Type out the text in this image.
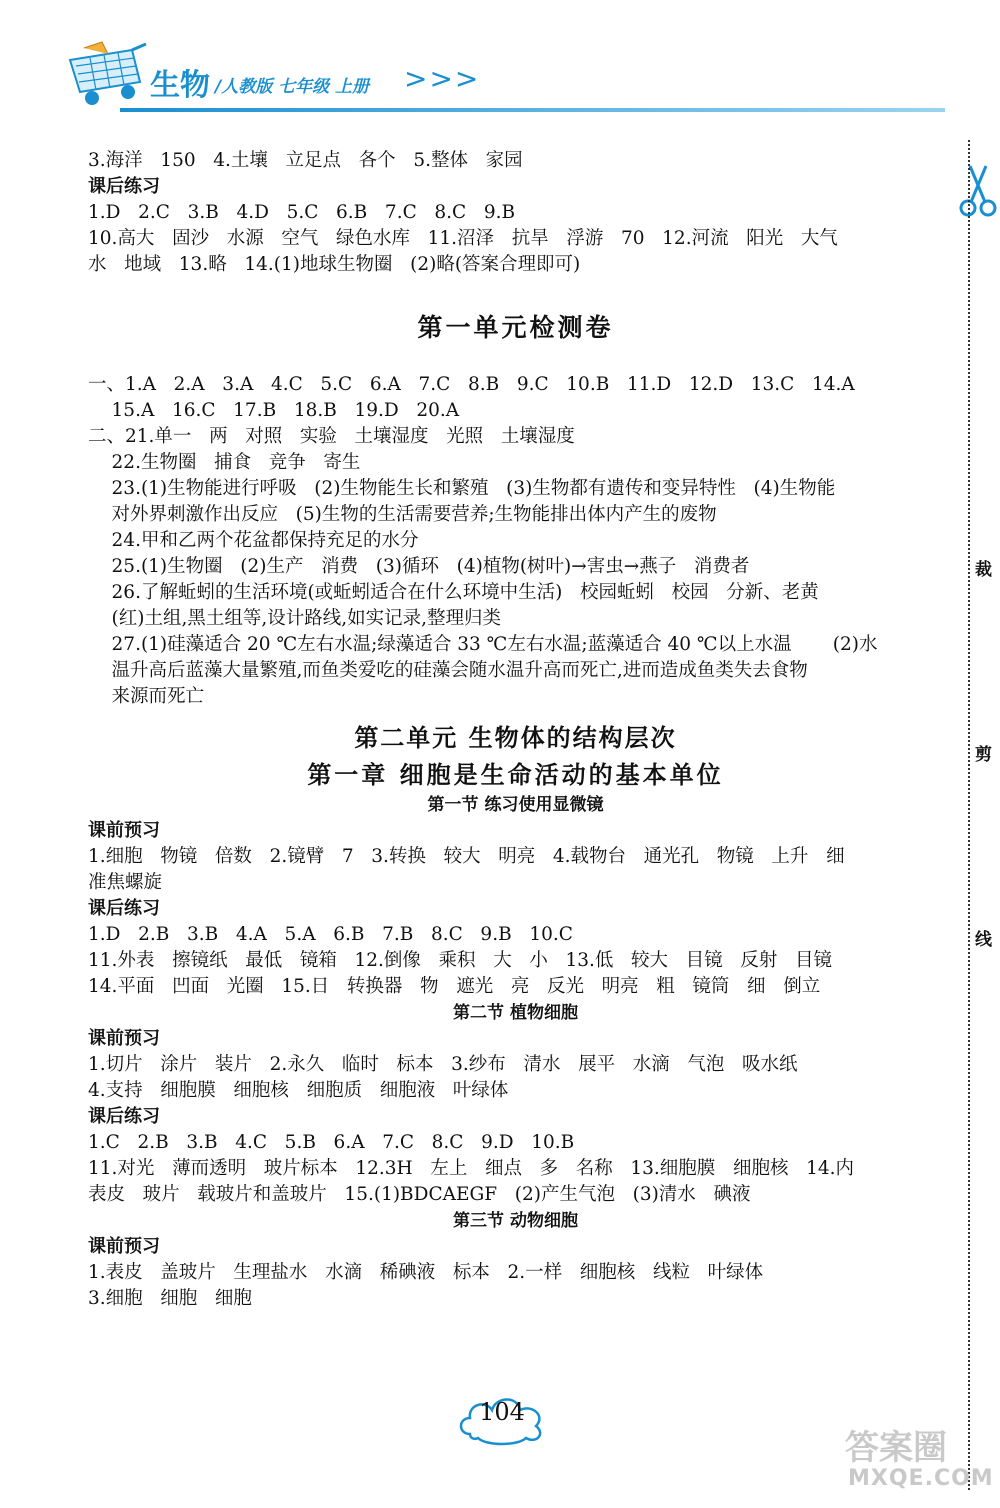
生物 /人教版 七年级 上册 >>>
裁
剪
线

3.海洋   150   4.土壤   立足点   各个   5.整体   家园

课后练习

1.D   2.C   3.B   4.D   5.C   6.B   7.C   8.C   9.B

10.高大   固沙   水源   空气   绿色水库   11.沼泽   抗旱   浮游   70   12.河流   阳光   大气

水   地域   13.略   14.(1)地球生物圈   (2)略(答案合理即可)

第一单元检测卷

一、1.A   2.A   3.A   4.C   5.C   6.A   7.C   8.B   9.C   10.B   11.D   12.D   13.C   14.A

15.A   16.C   17.B   18.B   19.D   20.A

二、21.单一   两   对照   实验   土壤湿度   光照   土壤湿度

22.生物圈   捕食   竞争   寄生

23.(1)生物能进行呼吸   (2)生物能生长和繁殖   (3)生物都有遗传和变异特性   (4)生物能

对外界刺激作出反应   (5)生物的生活需要营养;生物能排出体内产生的废物

24.甲和乙两个花盆都保持充足的水分

25.(1)生物圈   (2)生产   消费   (3)循环   (4)植物(树叶)→害虫→燕子   消费者

26.了解蚯蚓的生活环境(或蚯蚓适合在什么环境中生活)   校园蚯蚓   校园   分新、老黄

(红)土组,黑土组等,设计路线,如实记录,整理归类

27.(1)硅藻适合 20 ℃左右水温;绿藻适合 33 ℃左右水温;蓝藻适合 40 ℃以上水温       (2)水

温升高后蓝藻大量繁殖,而鱼类爱吃的硅藻会随水温升高而死亡,进而造成鱼类失去食物

来源而死亡

第二单元 生物体的结构层次
第一章 细胞是生命活动的基本单位
第一节 练习使用显微镜
课前预习

1.细胞   物镜   倍数   2.镜臂   7   3.转换   较大   明亮   4.载物台   通光孔   物镜   上升   细

准焦螺旋

课后练习

1.D   2.B   3.B   4.A   5.A   6.B   7.B   8.C   9.B   10.C

11.外表   擦镜纸   最低   镜箱   12.倒像   乘积   大   小   13.低   较大   目镜   反射   目镜

14.平面   凹面   光圈   15.日   转换器   物   遮光   亮   反光   明亮   粗   镜筒   细   倒立

第二节 植物细胞
课前预习

1.切片   涂片   装片   2.永久   临时   标本   3.纱布   清水   展平   水滴   气泡   吸水纸

4.支持   细胞膜   细胞核   细胞质   细胞液   叶绿体

课后练习

1.C   2.B   3.B   4.C   5.B   6.A   7.C   8.C   9.D   10.B

11.对光   薄而透明   玻片标本   12.3H   左上   细点   多   名称   13.细胞膜   细胞核   14.内

表皮   玻片   载玻片和盖玻片   15.(1)BDCAEGF   (2)产生气泡   (3)清水   碘液

第三节 动物细胞
课前预习

1.表皮   盖玻片   生理盐水   水滴   稀碘液   标本   2.一样   细胞核   线粒   叶绿体

3.细胞   细胞   细胞

104
答案圈
MXQE.COM
